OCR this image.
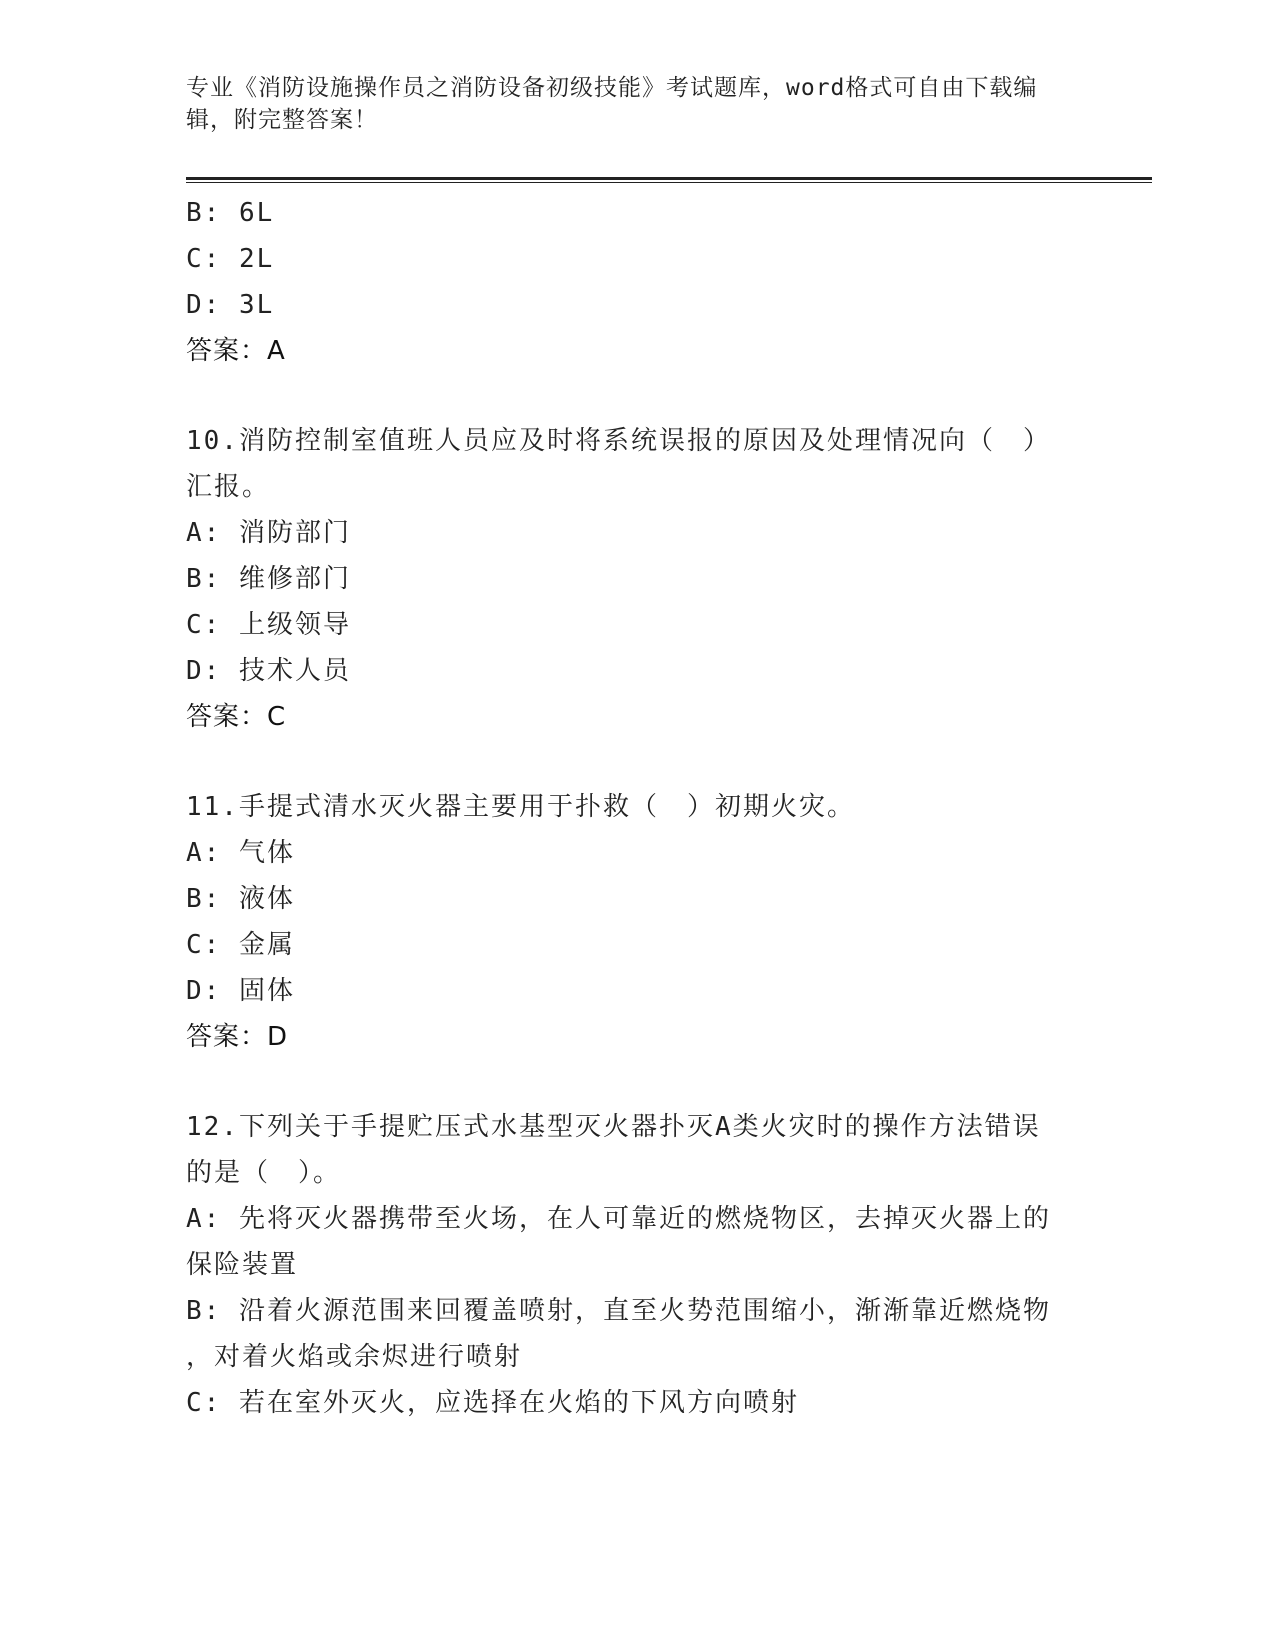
专业《消防设施操作员之消防设备初级技能》考试题库，word格式可自由下载编
辑，附完整答案！
B: 6L
C: 2L
D: 3L
答案：A
10.消防控制室值班人员应及时将系统误报的原因及处理情况向（　）
汇报。
A: 消防部门
B: 维修部门
C: 上级领导
D: 技术人员
答案：C
11.手提式清水灭火器主要用于扑救（　）初期火灾。
A: 气体
B: 液体
C: 金属
D: 固体
答案：D
12.下列关于手提贮压式水基型灭火器扑灭A类火灾时的操作方法错误
的是（　）。
A: 先将灭火器携带至火场，在人可靠近的燃烧物区，去掉灭火器上的
保险装置
B: 沿着火源范围来回覆盖喷射，直至火势范围缩小，渐渐靠近燃烧物
，对着火焰或余烬进行喷射
C: 若在室外灭火，应选择在火焰的下风方向喷射
